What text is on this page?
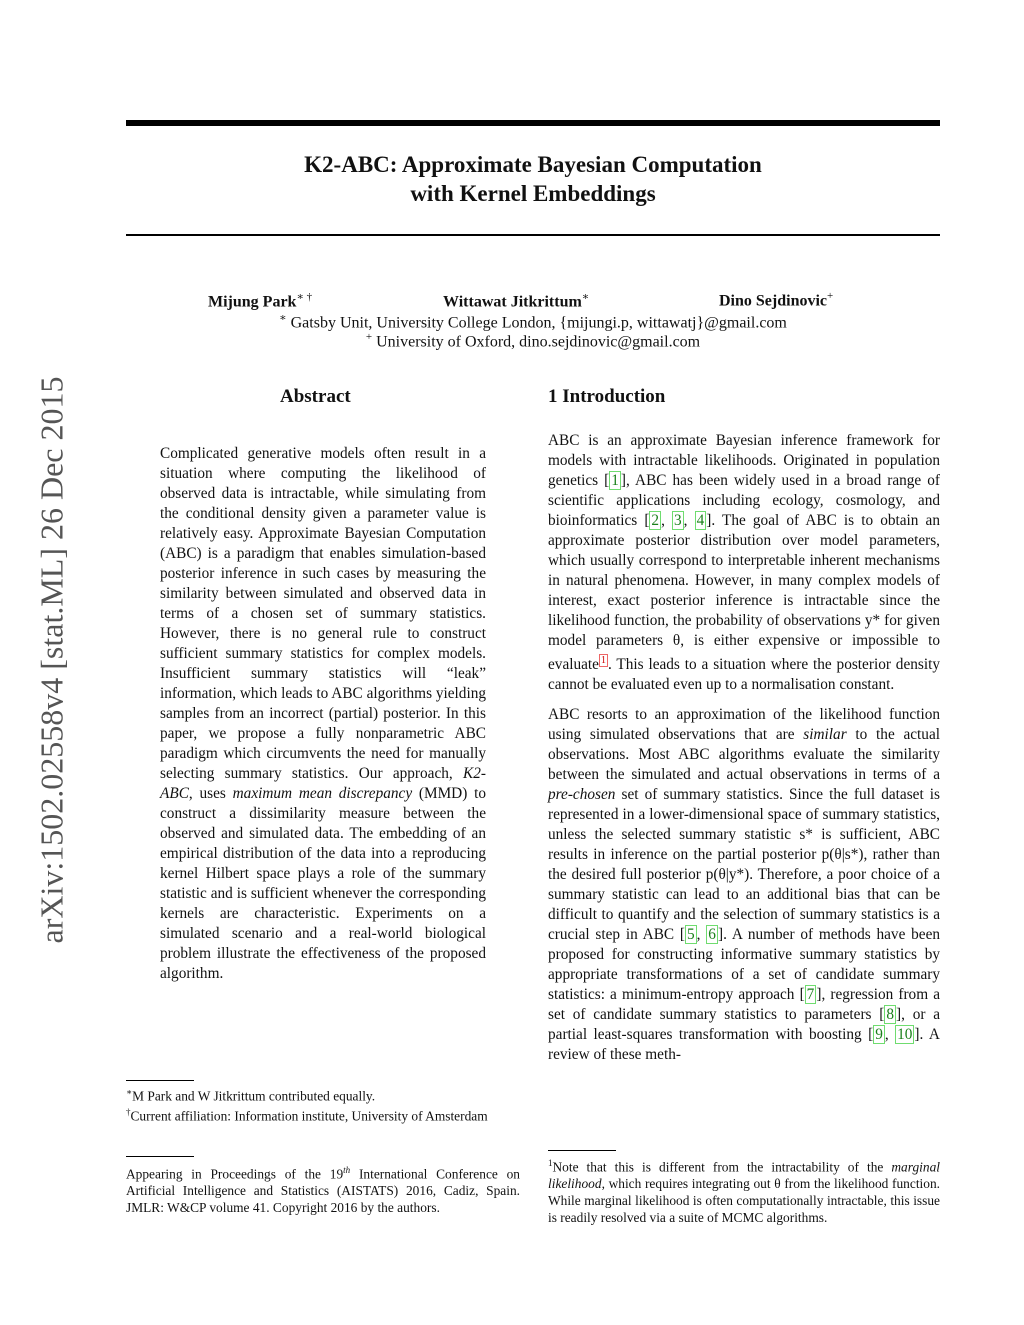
arXiv:1502.02558v4 [stat.ML] 26 Dec 2015
K2-ABC: Approximate Bayesian Computation
with Kernel Embeddings
Mijung Park∗ †	Wittawat Jitkrittum∗	Dino Sejdinovic+
∗ Gatsby Unit, University College London, {mijungi.p, wittawatj}@gmail.com
+ University of Oxford, dino.sejdinovic@gmail.com
Abstract
Complicated generative models often result in a situation where computing the likelihood of observed data is intractable, while simulating from the conditional density given a parameter value is relatively easy. Approximate Bayesian Computation (ABC) is a paradigm that enables simulation-based posterior inference in such cases by measuring the similarity between simulated and observed data in terms of a chosen set of summary statistics. However, there is no general rule to construct sufficient summary statistics for complex models. Insufficient summary statistics will “leak” information, which leads to ABC algorithms yielding samples from an incorrect (partial) posterior. In this paper, we propose a fully nonparametric ABC paradigm which circumvents the need for manually selecting summary statistics. Our approach, K2-ABC, uses maximum mean discrepancy (MMD) to construct a dissimilarity measure between the observed and simulated data. The embedding of an empirical distribution of the data into a reproducing kernel Hilbert space plays a role of the summary statistic and is sufficient whenever the corresponding kernels are characteristic. Experiments on a simulated scenario and a real-world biological problem illustrate the effectiveness of the proposed algorithm.
∗M Park and W Jitkrittum contributed equally.
†Current affiliation: Information institute, University of Amsterdam
Appearing in Proceedings of the 19th International Conference on Artificial Intelligence and Statistics (AISTATS) 2016, Cadiz, Spain. JMLR: W&CP volume 41. Copyright 2016 by the authors.
1 Introduction
ABC is an approximate Bayesian inference framework for models with intractable likelihoods. Originated in population genetics [ 1 ], ABC has been widely used in a broad range of scientific applications including ecology, cosmology, and bioinformatics [ 2 , 3 , 4 ]. The goal of ABC is to obtain an approximate posterior distribution over model parameters, which usually correspond to interpretable inherent mechanisms in natural phenomena. However, in many complex models of interest, exact posterior inference is intractable since the likelihood function, the probability of observations y* for given model parameters θ, is either expensive or impossible to evaluate $^1$ . This leads to a situation where the posterior density cannot be evaluated even up to a normalisation constant.
ABC resorts to an approximation of the likelihood function using simulated observations that are similar to the actual observations. Most ABC algorithms evaluate the similarity between the simulated and actual observations in terms of a pre-chosen set of summary statistics. Since the full dataset is represented in a lower-dimensional space of summary statistics, unless the selected summary statistic s* is sufficient, ABC results in inference on the partial posterior p(θ|s*), rather than the desired full posterior p(θ|y*). Therefore, a poor choice of a summary statistic can lead to an additional bias that can be difficult to quantify and the selection of summary statistics is a crucial step in ABC [ 5 , 6 ]. A number of methods have been proposed for constructing informative summary statistics by appropriate transformations of a set of candidate summary statistics: a minimum-entropy approach [ 7 ], regression from a set of candidate summary statistics to parameters [ 8 ], or a partial least-squares transformation with boosting [ 9 , 10 ]. A review of these meth-
$^1$Note that this is different from the intractability of the marginal likelihood, which requires integrating out θ from the likelihood function. While marginal likelihood is often computationally intractable, this issue is readily resolved via a suite of MCMC algorithms.
